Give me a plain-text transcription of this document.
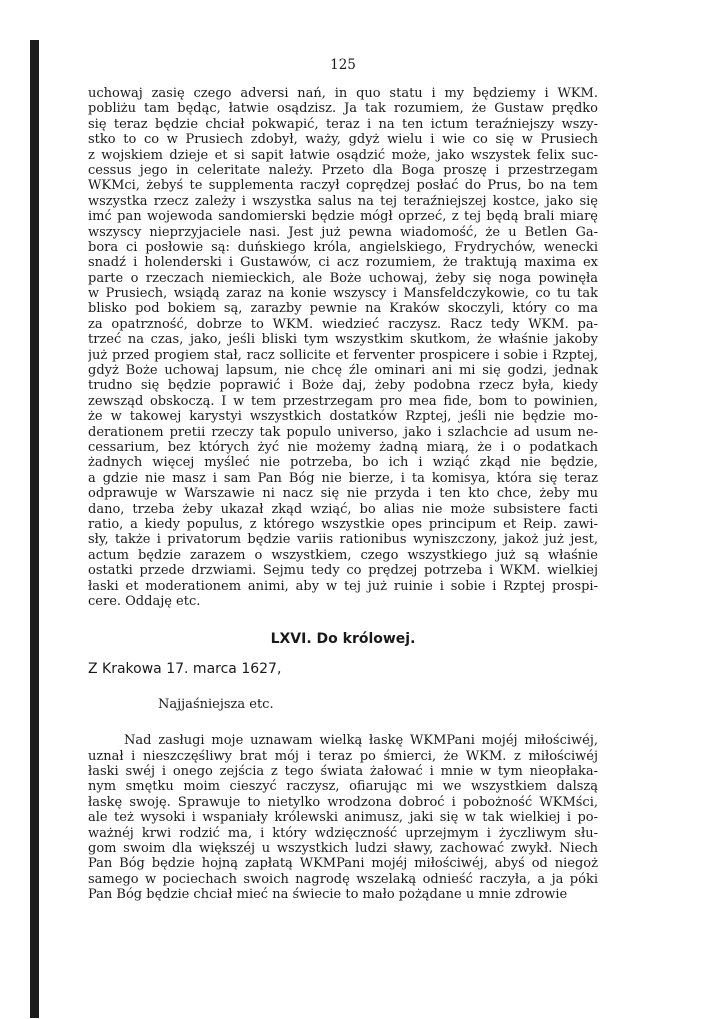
125
uchowaj zasię czego adversi nań, in quo statu i my będziemy i WKM.
pobliżu tam będąc, łatwie osądzisz. Ja tak rozumiem, że Gustaw prędko
się teraz będzie chciał pokwapić, teraz i na ten ictum teraźniejszy wszy-
stko to co w Prusiech zdobył, waży, gdyż wielu i wie co się w Prusiech
z wojskiem dzieje et si sapit łatwie osądzić może, jako wszystek felix suc-
cessus jego in celeritate należy. Przeto dla Boga proszę i przestrzegam
WKMci, żebyś te supplementa raczył coprędzej posłać do Prus, bo na tem
wszystka rzecz zależy i wszystka salus na tej teraźniejszej kostce, jako się
imć pan wojewoda sandomierski będzie mógł oprzeć, z tej będą brali miarę
wszyscy nieprzyjaciele nasi. Jest już pewna wiadomość, że u Betlen Ga-
bora ci posłowie są: duńskiego króla, angielskiego, Frydrychów, wenecki
snadź i holenderski i Gustawów, ci acz rozumiem, że traktują maxima ex
parte o rzeczach niemieckich, ale Boże uchowaj, żeby się noga powinęła
w Prusiech, wsiądą zaraz na konie wszyscy i Mansfeldczykowie, co tu tak
blisko pod bokiem są, zarazby pewnie na Kraków skoczyli, który co ma
za opatrzność, dobrze to WKM. wiedzieć raczysz. Racz tedy WKM. pa-
trzeć na czas, jako, jeśli bliski tym wszystkim skutkom, że właśnie jakoby
już przed progiem stał, racz sollicite et ferventer prospicere i sobie i Rzptej,
gdyż Boże uchowaj lapsum, nie chcę źle ominari ani mi się godzi, jednak
trudno się będzie poprawić i Boże daj, żeby podobna rzecz była, kiedy
zewsząd obskoczą. I w tem przestrzegam pro mea fide, bom to powinien,
że w takowej karystyi wszystkich dostatków Rzptej, jeśli nie będzie mo-
derationem pretii rzeczy tak populo universo, jako i szlachcie ad usum ne-
cessarium, bez których żyć nie możemy żadną miarą, że i o podatkach
żadnych więcej myśleć nie potrzeba, bo ich i wziąć zkąd nie będzie,
a gdzie nie masz i sam Pan Bóg nie bierze, i ta komisya, która się teraz
odprawuje w Warszawie ni nacz się nie przyda i ten kto chce, żeby mu
dano, trzeba żeby ukazał zkąd wziąć, bo alias nie może subsistere facti
ratio, a kiedy populus, z którego wszystkie opes principum et Reip. zawi-
sły, także i privatorum będzie variis rationibus wyniszczony, jakoż już jest,
actum będzie zarazem o wszystkiem, czego wszystkiego już są właśnie
ostatki przede drzwiami. Sejmu tedy co prędzej potrzeba i WKM. wielkiej
łaski et moderationem animi, aby w tej już ruinie i sobie i Rzptej prospi-
cere. Oddaję etc.
LXVI. Do królowej.
Z Krakowa 17. marca 1627,
Najjaśniejsza etc.
Nad zasługi moje uznawam wielką łaskę WKMPani mojéj miłościwéj,
uznał i nieszczęśliwy brat mój i teraz po śmierci, że WKM. z miłościwéj
łaski swéj i onego zejścia z tego świata żałować i mnie w tym nieopłaka-
nym smętku moim cieszyć raczysz, ofiarując mi we wszystkiem dalszą
łaskę swoję. Sprawuje to nietylko wrodzona dobroć i pobożność WKMści,
ale też wysoki i wspaniały królewski animusz, jaki się w tak wielkiej i po-
ważnéj krwi rodzić ma, i który wdzięczność uprzejmym i życzliwym słu-
gom swoim dla większéj u wszystkich ludzi sławy, zachować zwykł. Niech
Pan Bóg będzie hojną zapłatą WKMPani mojéj miłościwéj, abyś od niegoż
samego w pociechach swoich nagrodę wszelaką odnieść raczyła, a ja póki
Pan Bóg będzie chciał mieć na świecie to mało pożądane u mnie zdrowie
